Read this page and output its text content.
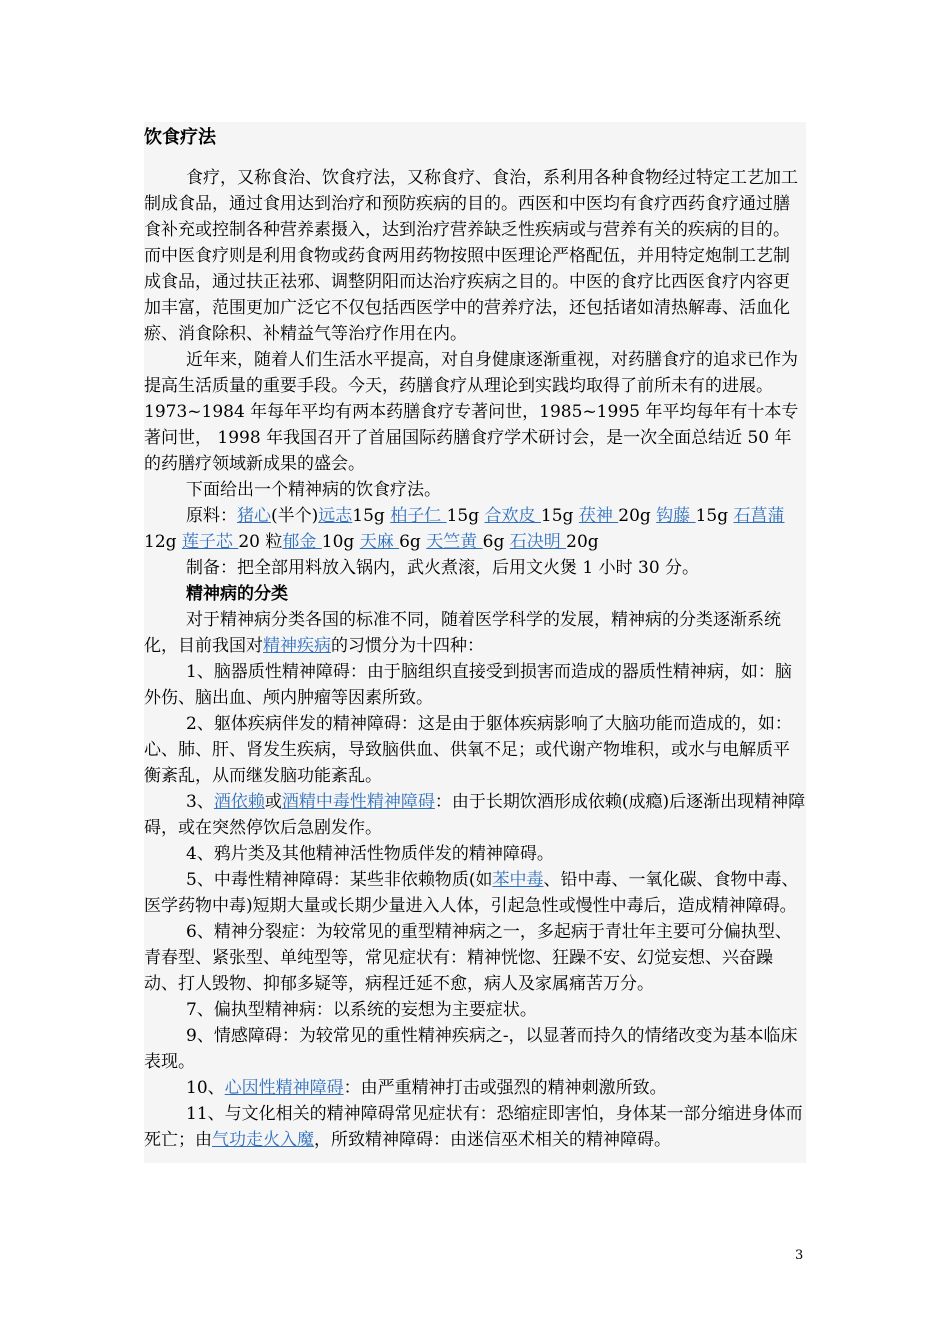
饮食疗法

食疗，又称食治、饮食疗法，又称食疗、食治，系利用各种食物经过特定工艺加工制成食品，通过食用达到治疗和预防疾病的目的。西医和中医均有食疗西药食疗通过膳食补充或控制各种营养素摄入，达到治疗营养缺乏性疾病或与营养有关的疾病的目的。而中医食疗则是利用食物或药食两用药物按照中医理论严格配伍，并用特定炮制工艺制成食品，通过扶正祛邪、调整阴阳而达治疗疾病之目的。中医的食疗比西医食疗内容更加丰富，范围更加广泛它不仅包括西医学中的营养疗法，还包括诸如清热解毒、活血化瘀、消食除积、补精益气等治疗作用在内。

近年来，随着人们生活水平提高，对自身健康逐渐重视，对药膳食疗的追求已作为提高生活质量的重要手段。今天，药膳食疗从理论到实践均取得了前所未有的进展。1973~1984 年每年平均有两本药膳食疗专著问世，1985~1995 年平均每年有十本专著问世， 1998 年我国召开了首届国际药膳食疗学术研讨会，是一次全面总结近 50 年的药膳疗领域新成果的盛会。

下面给出一个精神病的饮食疗法。

原料：猪心(半个)远志15g 柏子仁 15g 合欢皮 15g 茯神 20g 钩藤 15g 石菖蒲12g 莲子芯 20 粒郁金 10g 天麻 6g 天竺黄 6g 石决明 20g

制备：把全部用料放入锅内，武火煮滚，后用文火煲 1 小时 30 分。

精神病的分类

对于精神病分类各国的标准不同，随着医学科学的发展，精神病的分类逐渐系统化，目前我国对精神疾病的习惯分为十四种：

1、脑器质性精神障碍：由于脑组织直接受到损害而造成的器质性精神病，如：脑外伤、脑出血、颅内肿瘤等因素所致。

2、躯体疾病伴发的精神障碍：这是由于躯体疾病影响了大脑功能而造成的，如：心、肺、肝、肾发生疾病，导致脑供血、供氧不足；或代谢产物堆积，或水与电解质平衡紊乱，从而继发脑功能紊乱。

3、酒依赖或酒精中毒性精神障碍：由于长期饮酒形成依赖(成瘾)后逐渐出现精神障碍，或在突然停饮后急剧发作。

4、鸦片类及其他精神活性物质伴发的精神障碍。

5、中毒性精神障碍：某些非依赖物质(如苯中毒、铅中毒、一氧化碳、食物中毒、医学药物中毒)短期大量或长期少量进入人体，引起急性或慢性中毒后，造成精神障碍。

6、精神分裂症：为较常见的重型精神病之一，多起病于青壮年主要可分偏执型、青春型、紧张型、单纯型等，常见症状有：精神恍惚、狂躁不安、幻觉妄想、兴奋躁动、打人毁物、抑郁多疑等，病程迁延不愈，病人及家属痛苦万分。

7、偏执型精神病：以系统的妄想为主要症状。

9、情感障碍：为较常见的重性精神疾病之-，以显著而持久的情绪改变为基本临床表现。

10、心因性精神障碍：由严重精神打击或强烈的精神刺激所致。

11、与文化相关的精神障碍常见症状有：恐缩症即害怕，身体某一部分缩进身体而死亡；由气功走火入魔，所致精神障碍：由迷信巫术相关的精神障碍。

3
